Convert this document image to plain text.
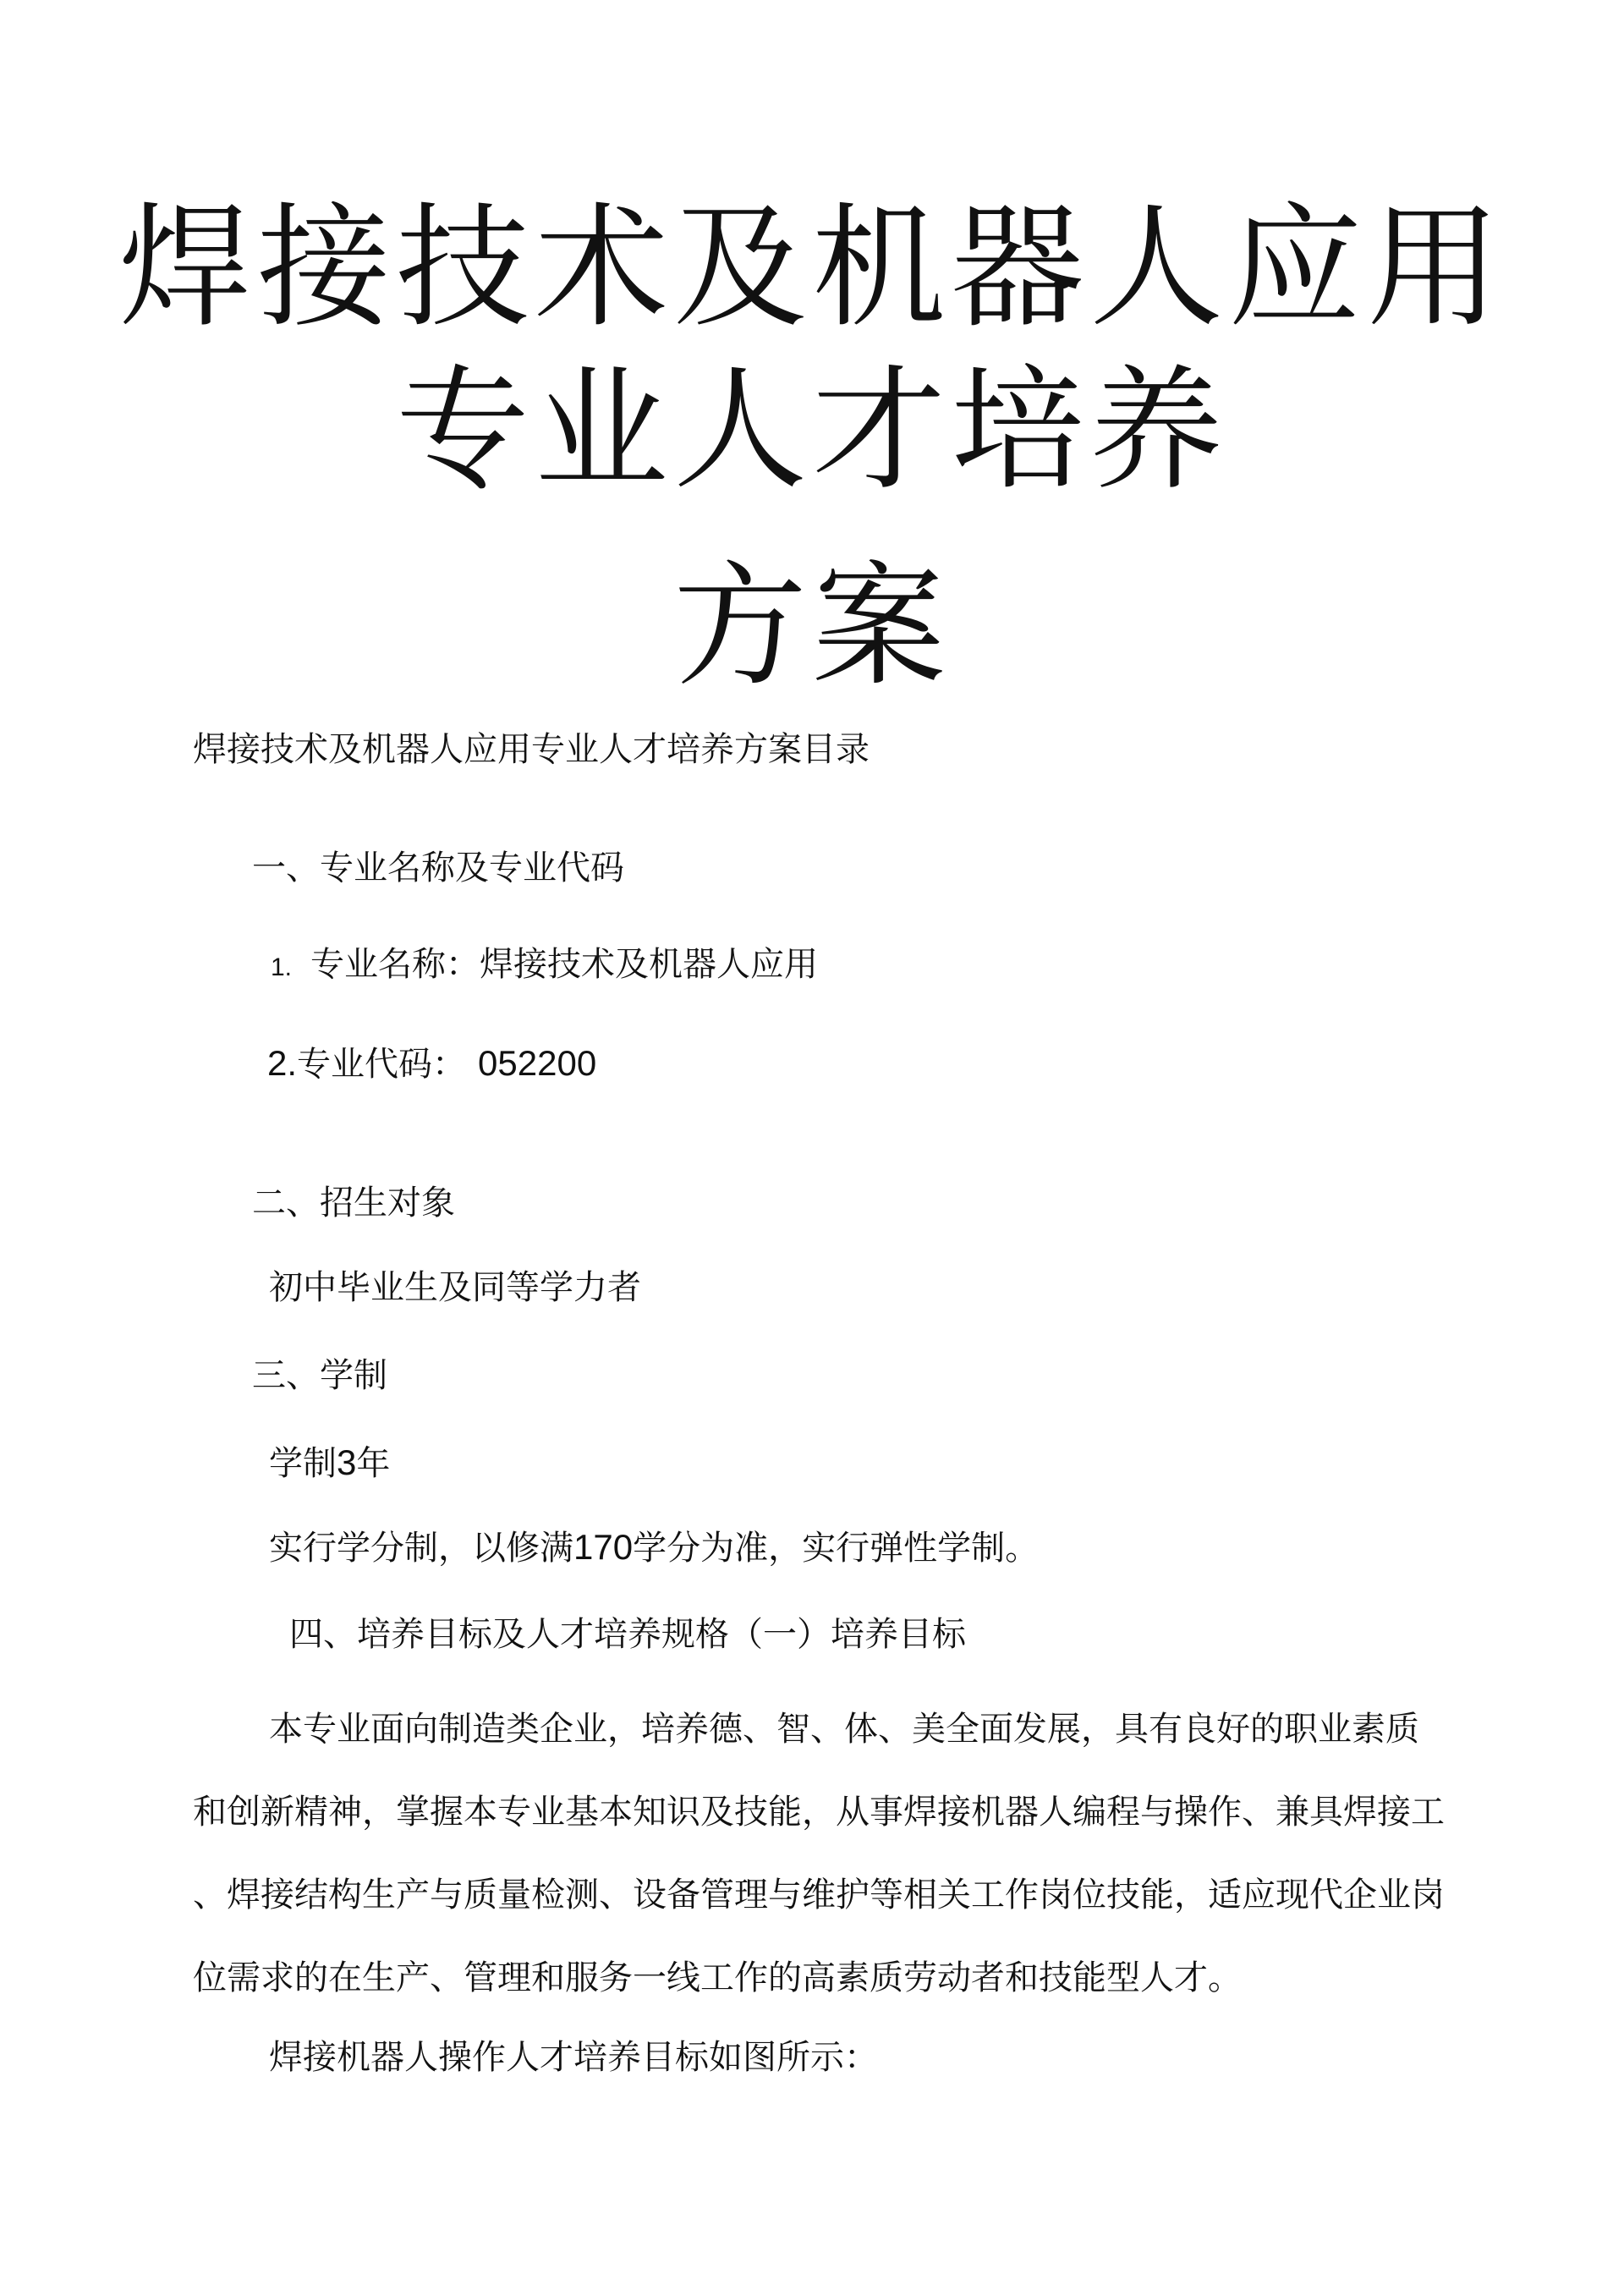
焊接技术及机器人应用
专业人才培养
方案
焊接技术及机器人应用专业人才培养方案目录
一、专业名称及专业代码
1. 专业名称：焊接技术及机器人应用
2.专业代码： 052200
二、招生对象
初中毕业生及同等学力者
三、学制
学制3年
实行学分制，以修满170学分为准，实行弹性学制。
四、培养目标及人才培养规格（一）培养目标
本专业面向制造类企业，培养德、智、体、美全面发展，具有良好的职业素质
和创新精神，掌握本专业基本知识及技能，从事焊接机器人编程与操作、兼具焊接工
、焊接结构生产与质量检测、设备管理与维护等相关工作岗位技能，适应现代企业岗
位需求的在生产、管理和服务一线工作的高素质劳动者和技能型人才。
焊接机器人操作人才培养目标如图所示：
